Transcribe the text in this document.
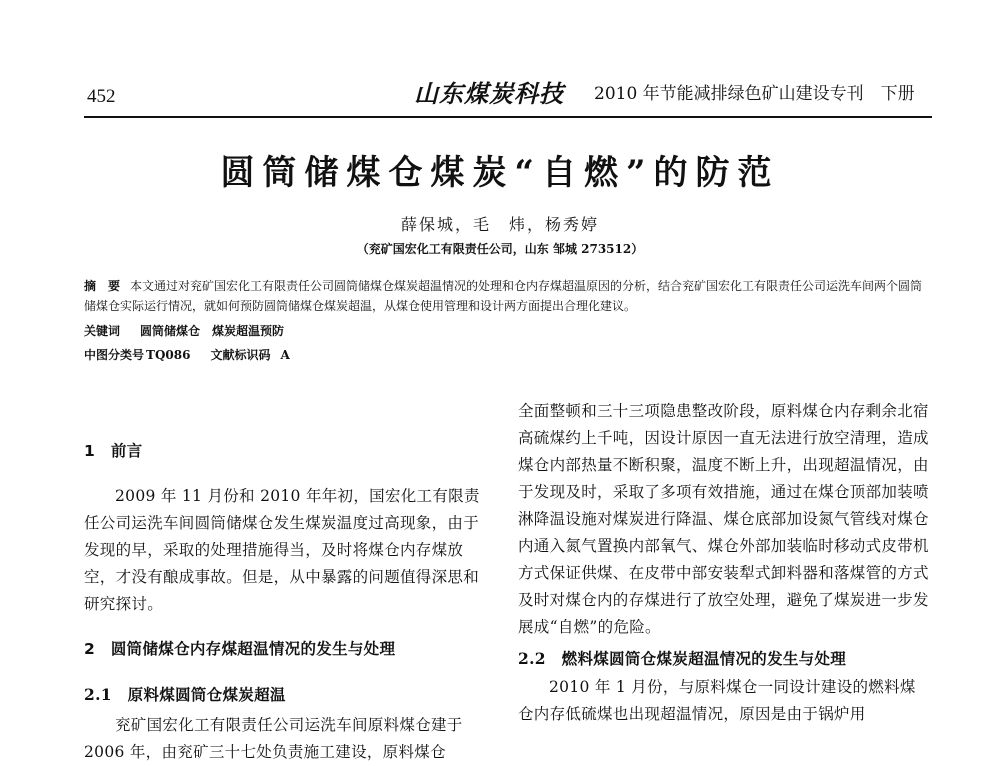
452	山东煤炭科技 2010 年节能减排绿色矿山建设专刊　下册
圆筒储煤仓煤炭“自燃”的防范
薛保城，毛　炜，杨秀婷
（兖矿国宏化工有限责任公司，山东 邹城 273512）
摘　要 本文通过对兖矿国宏化工有限责任公司圆筒储煤仓煤炭超温情况的处理和仓内存煤超温原因的分析，结合兖矿国宏化工有限责任公司运洗车间两个圆筒储煤仓实际运行情况，就如何预防圆筒储煤仓煤炭超温，从煤仓使用管理和设计两方面提出合理化建议。
关键词 圆筒储煤仓　煤炭超温预防
中图分类号 TQ086 文献标识码 A

1　前言

2009 年 11 月份和 2010 年年初，国宏化工有限责任公司运洗车间圆筒储煤仓发生煤炭温度过高现象，由于发现的早，采取的处理措施得当，及时将煤仓内存煤放空，才没有酿成事故。但是，从中暴露的问题值得深思和研究探讨。

2　圆筒储煤仓内存煤超温情况的发生与处理

2.1　原料煤圆筒仓煤炭超温

兖矿国宏化工有限责任公司运洗车间原料煤仓建于 2006 年，由兖矿三十七处负责施工建设，原料煤仓

全面整顿和三十三项隐患整改阶段，原料煤仓内存剩余北宿高硫煤约上千吨，因设计原因一直无法进行放空清理，造成煤仓内部热量不断积聚，温度不断上升，出现超温情况，由于发现及时，采取了多项有效措施，通过在煤仓顶部加装喷淋降温设施对煤炭进行降温、煤仓底部加设氮气管线对煤仓内通入氮气置换内部氧气、煤仓外部加装临时移动式皮带机方式保证供煤、在皮带中部安装犁式卸料器和落煤管的方式及时对煤仓内的存煤进行了放空处理，避免了煤炭进一步发展成“自燃”的危险。

2.2　燃料煤圆筒仓煤炭超温情况的发生与处理

2010 年 1 月份，与原料煤仓一同设计建设的燃料煤仓内存低硫煤也出现超温情况，原因是由于锅炉用
